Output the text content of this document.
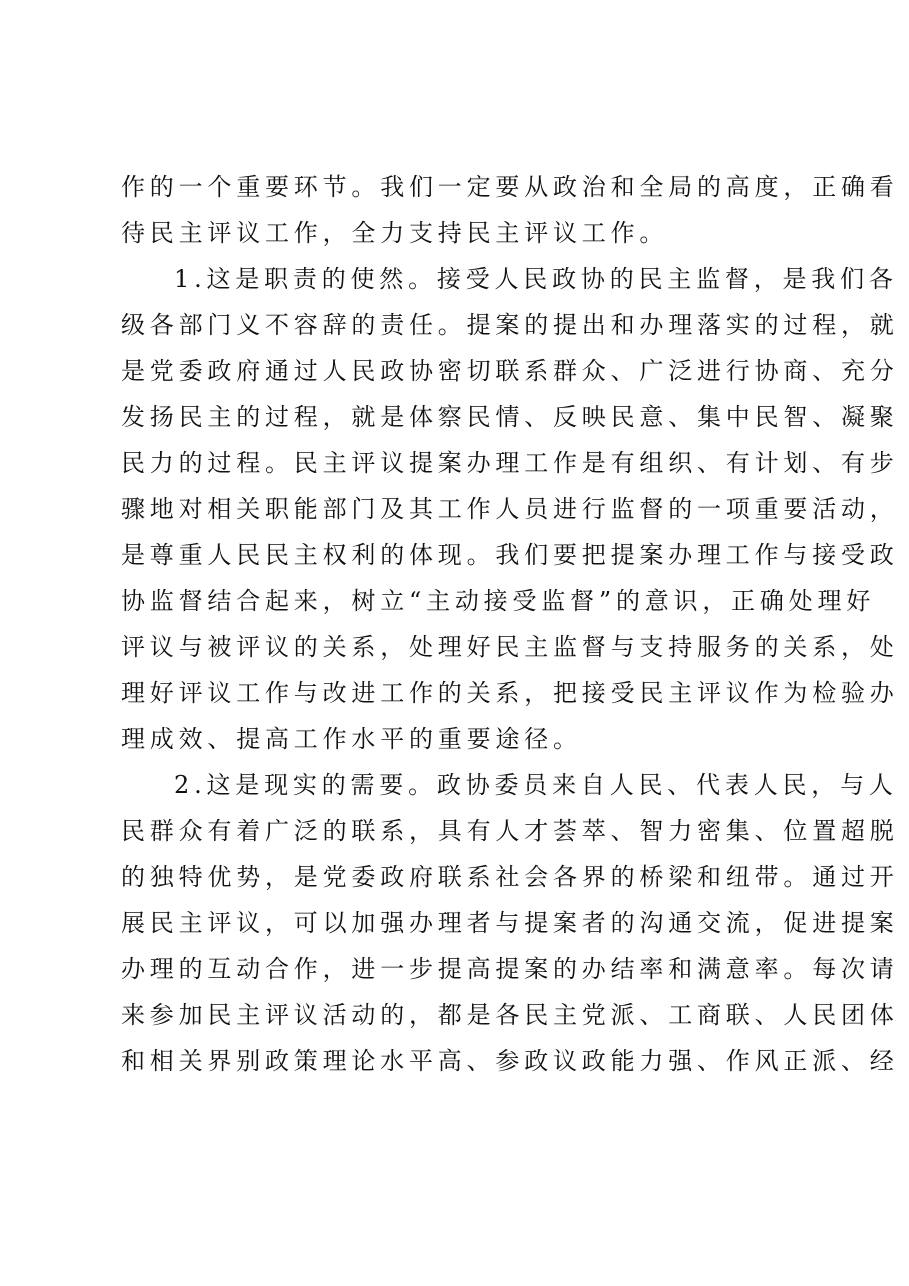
作的一个重要环节。我们一定要从政治和全局的高度，正确看
待民主评议工作，全力支持民主评议工作。
1.这是职责的使然。接受人民政协的民主监督，是我们各
级各部门义不容辞的责任。提案的提出和办理落实的过程，就
是党委政府通过人民政协密切联系群众、广泛进行协商、充分
发扬民主的过程，就是体察民情、反映民意、集中民智、凝聚
民力的过程。民主评议提案办理工作是有组织、有计划、有步
骤地对相关职能部门及其工作人员进行监督的一项重要活动，
是尊重人民民主权利的体现。我们要把提案办理工作与接受政
协监督结合起来，树立“主动接受监督”的意识，正确处理好
评议与被评议的关系，处理好民主监督与支持服务的关系，处
理好评议工作与改进工作的关系，把接受民主评议作为检验办
理成效、提高工作水平的重要途径。
2.这是现实的需要。政协委员来自人民、代表人民，与人
民群众有着广泛的联系，具有人才荟萃、智力密集、位置超脱
的独特优势，是党委政府联系社会各界的桥梁和纽带。通过开
展民主评议，可以加强办理者与提案者的沟通交流，促进提案
办理的互动合作，进一步提高提案的办结率和满意率。每次请
来参加民主评议活动的，都是各民主党派、工商联、人民团体
和相关界别政策理论水平高、参政议政能力强、作风正派、经
